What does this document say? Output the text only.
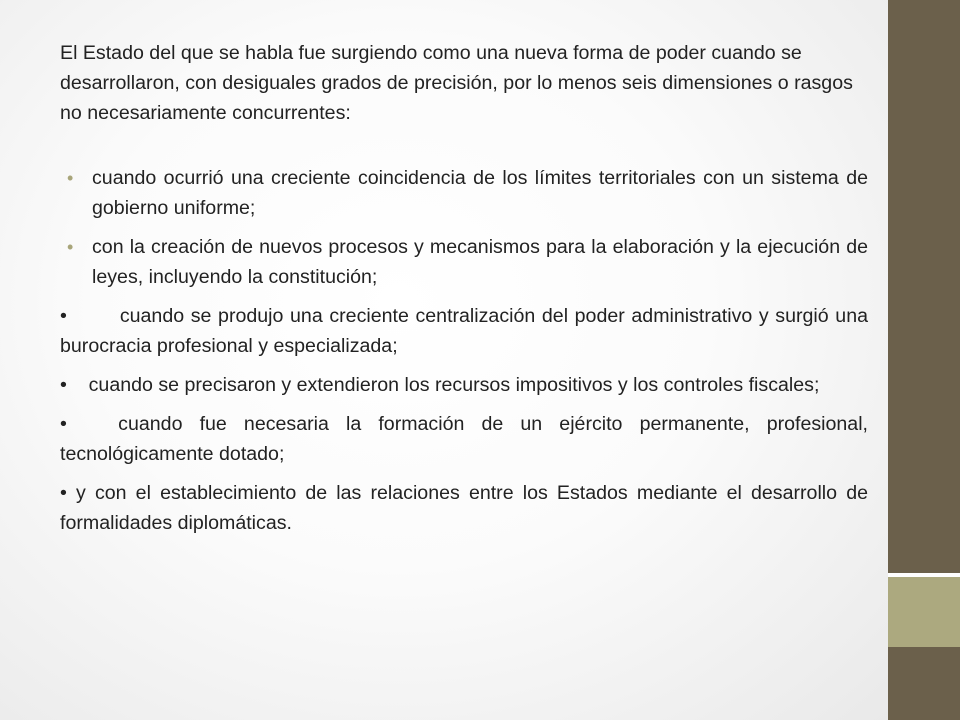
El Estado del que se habla fue surgiendo como una nueva forma de poder cuando se desarrollaron, con desiguales grados de precisión, por lo menos seis dimensiones o rasgos no necesariamente concurrentes:

• cuando ocurrió una creciente coincidencia de los límites territoriales con un sistema de gobierno uniforme;
• con la creación de nuevos procesos y mecanismos para la elaboración y la ejecución de leyes, incluyendo la constitución;

•        cuando se produjo una creciente centralización del poder administrativo y surgió una burocracia profesional y especializada;

•    cuando se precisaron y extendieron los recursos impositivos y los controles fiscales;

•   cuando fue necesaria la formación de un ejército permanente, profesional, tecnológicamente dotado;

• y con el establecimiento de las relaciones entre los Estados mediante el desarrollo de formalidades diplomáticas.
